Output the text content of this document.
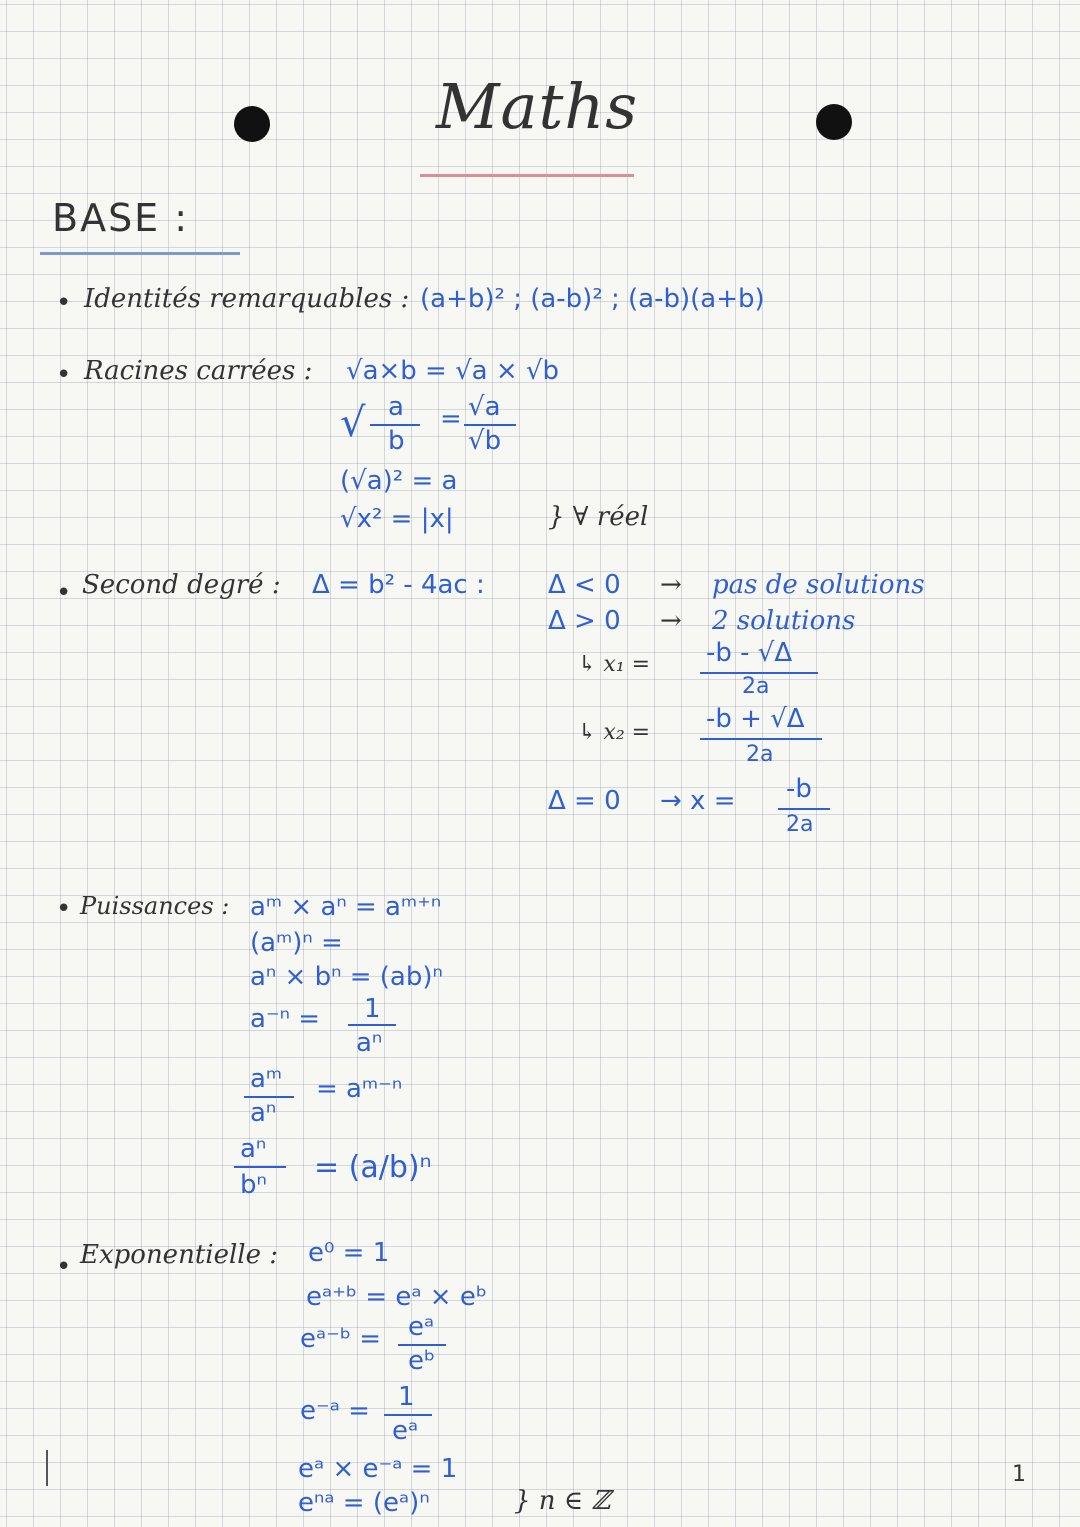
Maths
BASE :
• Identités remarquables : (a+b)² ; (a-b)² ; (a-b)(a+b)
• Racines carrées : √a×b = √a × √b
√ a
b
= √a
√b
(√a)² = a
√x² = |x|	} ∀ réel
• Second degré : Δ = b² - 4ac : Δ < 0 → pas de solutions
Δ > 0 → 2 solutions
↳ x₁ = -b - √Δ
2a
↳ x₂ = -b + √Δ
2a
Δ = 0 → x = -b
2a
• Puissances : aᵐ × aⁿ = aᵐ⁺ⁿ
(aᵐ)ⁿ =
aⁿ × bⁿ = (ab)ⁿ
a⁻ⁿ = 1
aⁿ
aᵐ
aⁿ
= aᵐ⁻ⁿ
aⁿ
bⁿ = (a/b)ⁿ
• Exponentielle : e⁰ = 1
eᵃ⁺ᵇ = eᵃ × eᵇ
eᵃ⁻ᵇ = eᵃ
eᵇ
e⁻ᵃ = 1
eᵃ
eᵃ × e⁻ᵃ = 1
eⁿᵃ = (eᵃ)ⁿ	} n ∈ ℤ
1
